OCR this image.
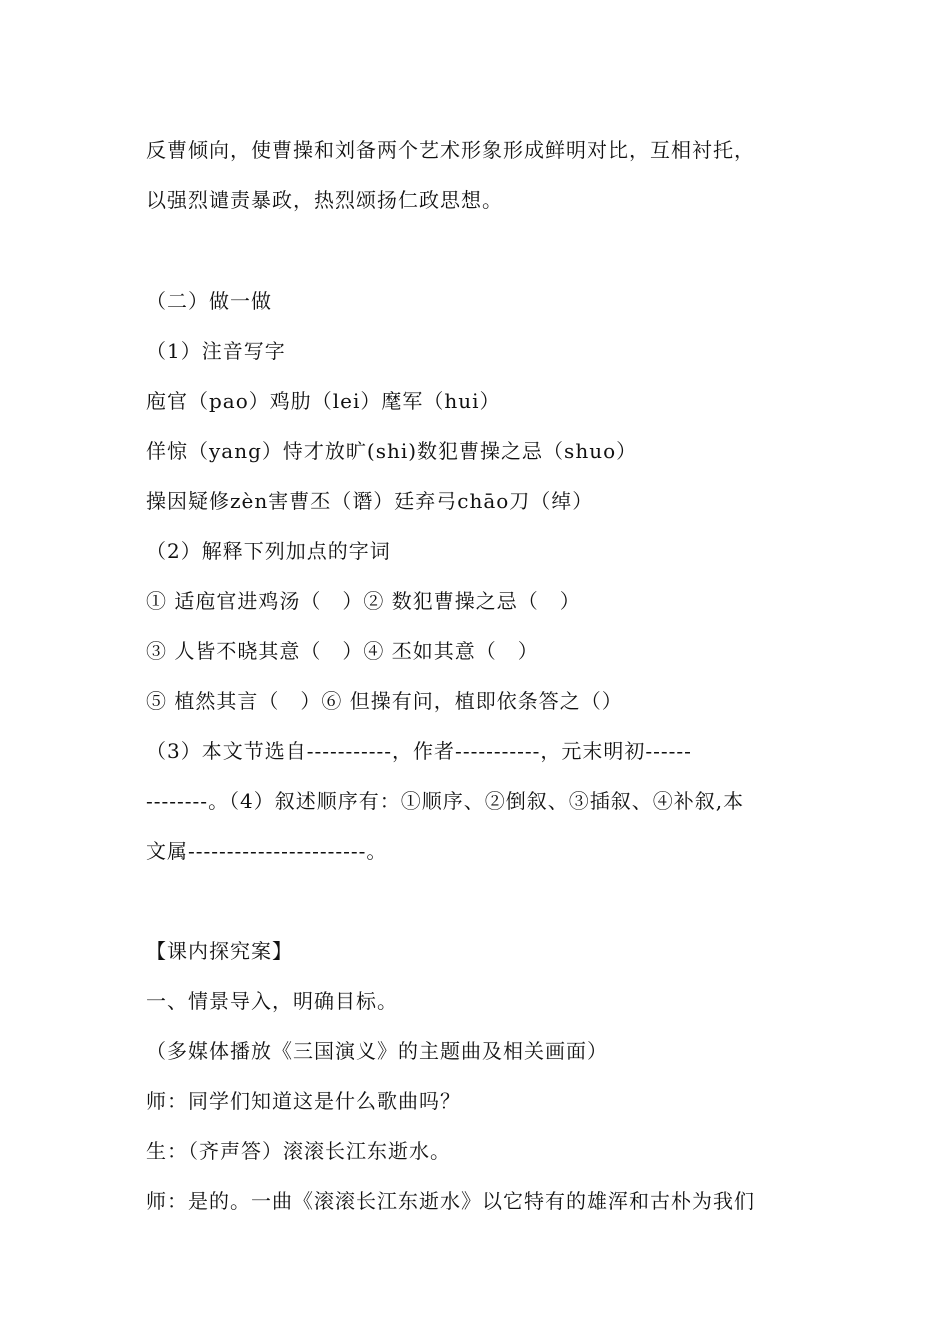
反曹倾向，使曹操和刘备两个艺术形象形成鲜明对比，互相衬托，
以强烈谴责暴政，热烈颂扬仁政思想。
（二）做一做
（1）注音写字
庖官（pao）鸡肋（lei）麾军（hui）
佯惊（yang）恃才放旷(shi)数犯曹操之忌（shuo）
操因疑修zèn害曹丕（谮）廷弃弓chāo刀（绰）
（2）解释下列加点的字词
① 适庖官进鸡汤（　）② 数犯曹操之忌（　）
③ 人皆不晓其意（　）④ 丕如其意（　）
⑤ 植然其言（　）⑥ 但操有问，植即依条答之（）
（3）本文节选自-----------，作者-----------，元末明初------
--------。（4）叙述顺序有：①顺序、②倒叙、③插叙、④补叙,本
文属-----------------------。
【课内探究案】
一、情景导入，明确目标。
（多媒体播放《三国演义》的主题曲及相关画面）
师：同学们知道这是什么歌曲吗？
生：（齐声答）滚滚长江东逝水。
师：是的。一曲《滚滚长江东逝水》以它特有的雄浑和古朴为我们
